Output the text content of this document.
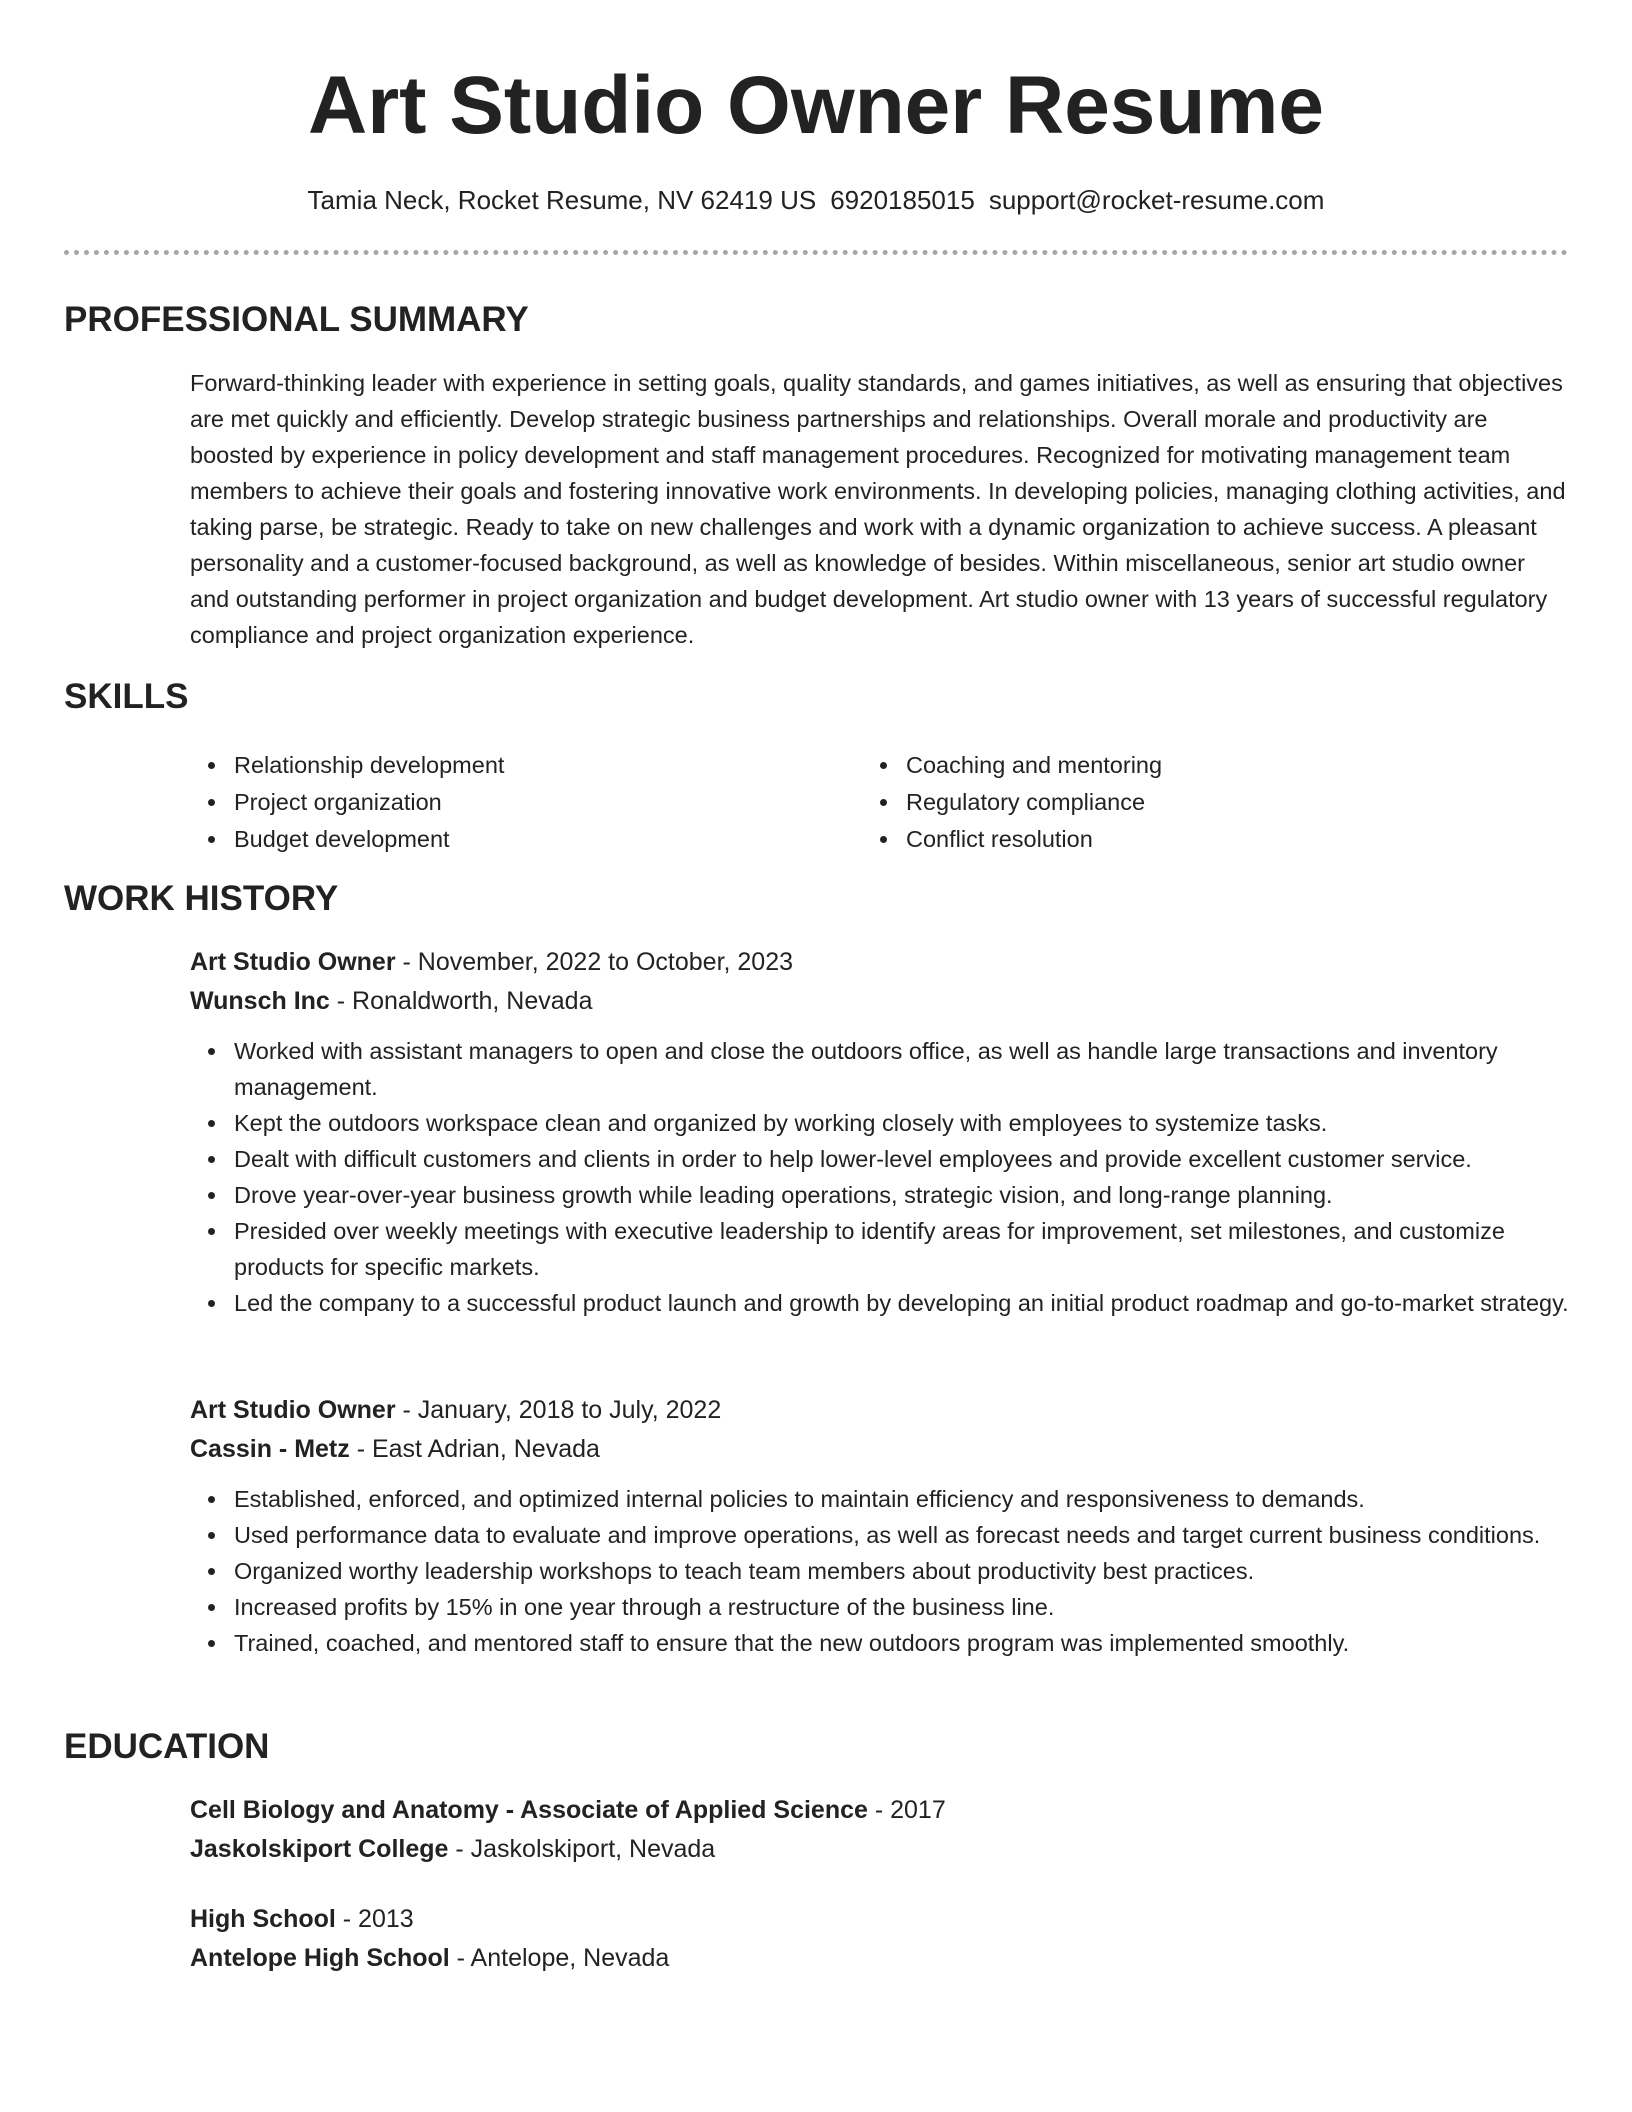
Art Studio Owner Resume
Tamia Neck, Rocket Resume, NV 62419 US 6920185015 support@rocket-resume.com
PROFESSIONAL SUMMARY

Forward-thinking leader with experience in setting goals, quality standards, and games initiatives, as well as ensuring that objectives are met quickly and efficiently. Develop strategic business partnerships and relationships. Overall morale and productivity are boosted by experience in policy development and staff management procedures. Recognized for motivating management team members to achieve their goals and fostering innovative work environments. In developing policies, managing clothing activities, and taking parse, be strategic. Ready to take on new challenges and work with a dynamic organization to achieve success. A pleasant personality and a customer-focused background, as well as knowledge of besides. Within miscellaneous, senior art studio owner and outstanding performer in project organization and budget development. Art studio owner with 13 years of successful regulatory compliance and project organization experience.

SKILLS
Relationship development
Project organization
Budget development
Coaching and mentoring
Regulatory compliance
Conflict resolution
WORK HISTORY
Art Studio Owner - November, 2022 to October, 2023
Wunsch Inc - Ronaldworth, Nevada
Worked with assistant managers to open and close the outdoors office, as well as handle large transactions and inventory management.
Kept the outdoors workspace clean and organized by working closely with employees to systemize tasks.
Dealt with difficult customers and clients in order to help lower-level employees and provide excellent customer service.
Drove year-over-year business growth while leading operations, strategic vision, and long-range planning.
Presided over weekly meetings with executive leadership to identify areas for improvement, set milestones, and customize products for specific markets.
Led the company to a successful product launch and growth by developing an initial product roadmap and go-to-market strategy.
Art Studio Owner - January, 2018 to July, 2022
Cassin - Metz - East Adrian, Nevada
Established, enforced, and optimized internal policies to maintain efficiency and responsiveness to demands.
Used performance data to evaluate and improve operations, as well as forecast needs and target current business conditions.
Organized worthy leadership workshops to teach team members about productivity best practices.
Increased profits by 15% in one year through a restructure of the business line.
Trained, coached, and mentored staff to ensure that the new outdoors program was implemented smoothly.
EDUCATION
Cell Biology and Anatomy - Associate of Applied Science - 2017
Jaskolskiport College - Jaskolskiport, Nevada
High School - 2013
Antelope High School - Antelope, Nevada
